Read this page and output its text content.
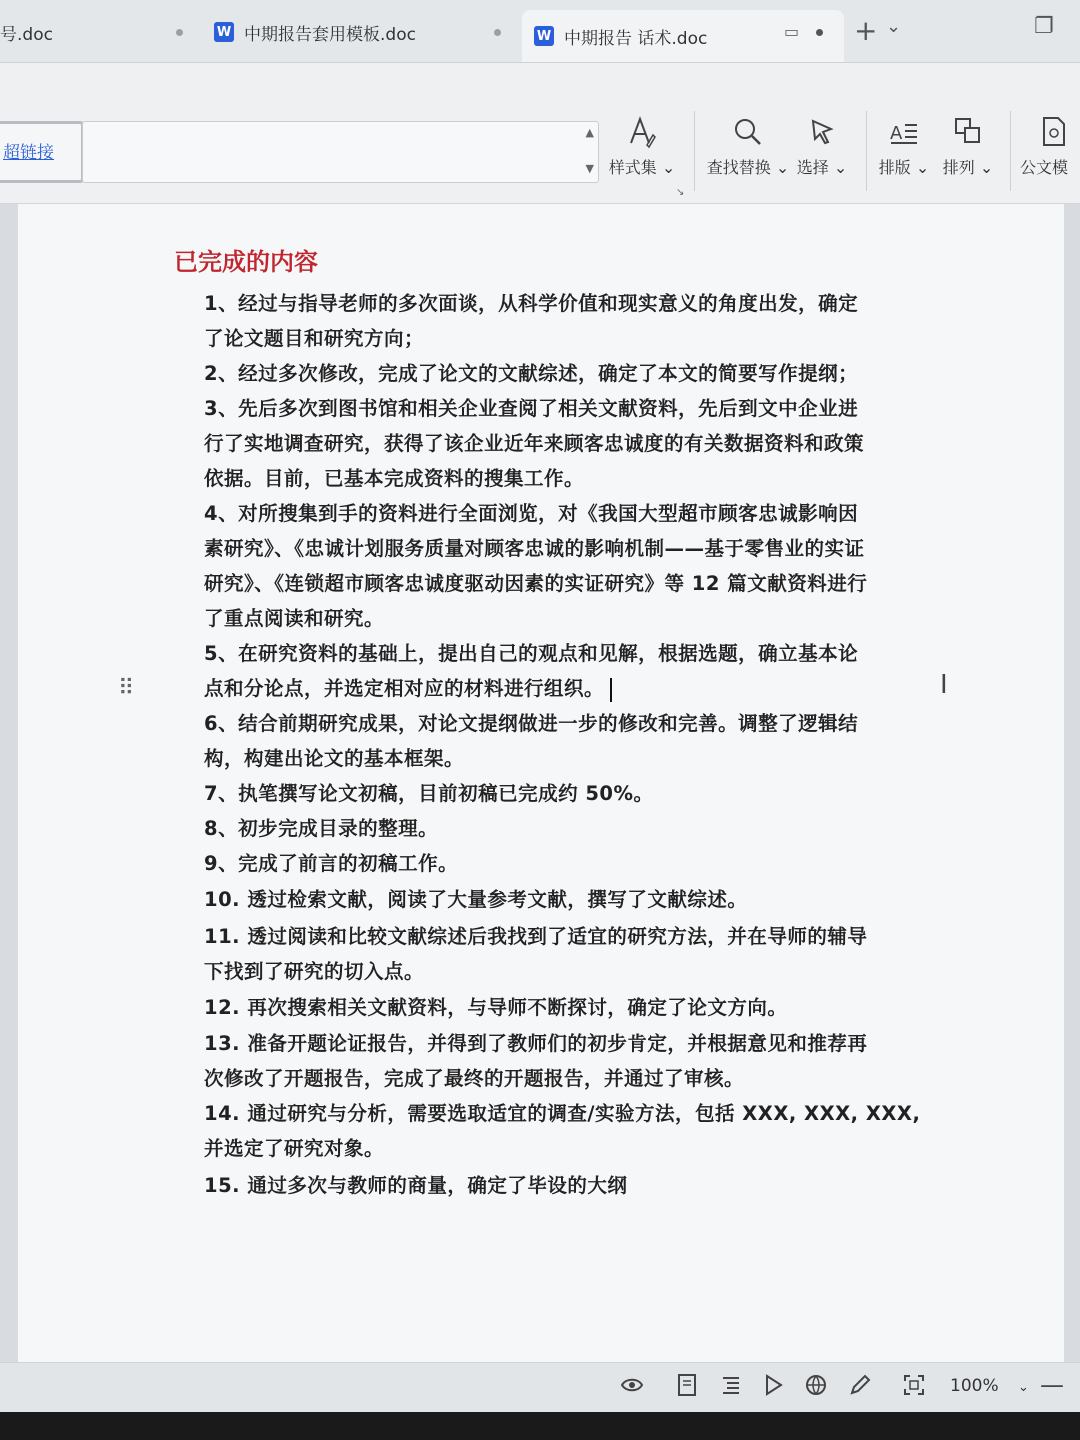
号.doc	W 中期报告套用模板.doc	W 中期报告 话术.doc	▭ + ⌄	❐
超链接
▲
▼ 样式集 ⌄
↘
查找替换 ⌄ 选择 ⌄
A
排版 ⌄ 排列 ⌄	公文模
已完成的内容
1、经过与指导老师的多次面谈，从科学价值和现实意义的角度出发，确定
了论文题目和研究方向；
2、经过多次修改，完成了论文的文献综述，确定了本文的简要写作提纲；
3、先后多次到图书馆和相关企业查阅了相关文献资料，先后到文中企业进
行了实地调查研究，获得了该企业近年来顾客忠诚度的有关数据资料和政策
依据。目前，已基本完成资料的搜集工作。
4、对所搜集到手的资料进行全面浏览，对《我国大型超市顾客忠诚影响因
素研究》、《忠诚计划服务质量对顾客忠诚的影响机制——基于零售业的实证
研究》、《连锁超市顾客忠诚度驱动因素的实证研究》等 12 篇文献资料进行
了重点阅读和研究。
5、在研究资料的基础上，提出自己的观点和见解，根据选题，确立基本论
点和分论点，并选定相对应的材料进行组织。
6、结合前期研究成果，对论文提纲做进一步的修改和完善。调整了逻辑结
构，构建出论文的基本框架。
7、执笔撰写论文初稿，目前初稿已完成约 50%。
8、初步完成目录的整理。
9、完成了前言的初稿工作。
10. 透过检索文献，阅读了大量参考文献，撰写了文献综述。
11. 透过阅读和比较文献综述后我找到了适宜的研究方法，并在导师的辅导
下找到了研究的切入点。
12. 再次搜索相关文献资料，与导师不断探讨，确定了论文方向。
13. 准备开题论证报告，并得到了教师们的初步肯定，并根据意见和推荐再
次修改了开题报告，完成了最终的开题报告，并通过了审核。
14. 通过研究与分析，需要选取适宜的调查/实验方法，包括 XXX, XXX, XXX,
并选定了研究对象。
15. 通过多次与教师的商量，确定了毕设的大纲
⠿	I
100% ⌄ —
